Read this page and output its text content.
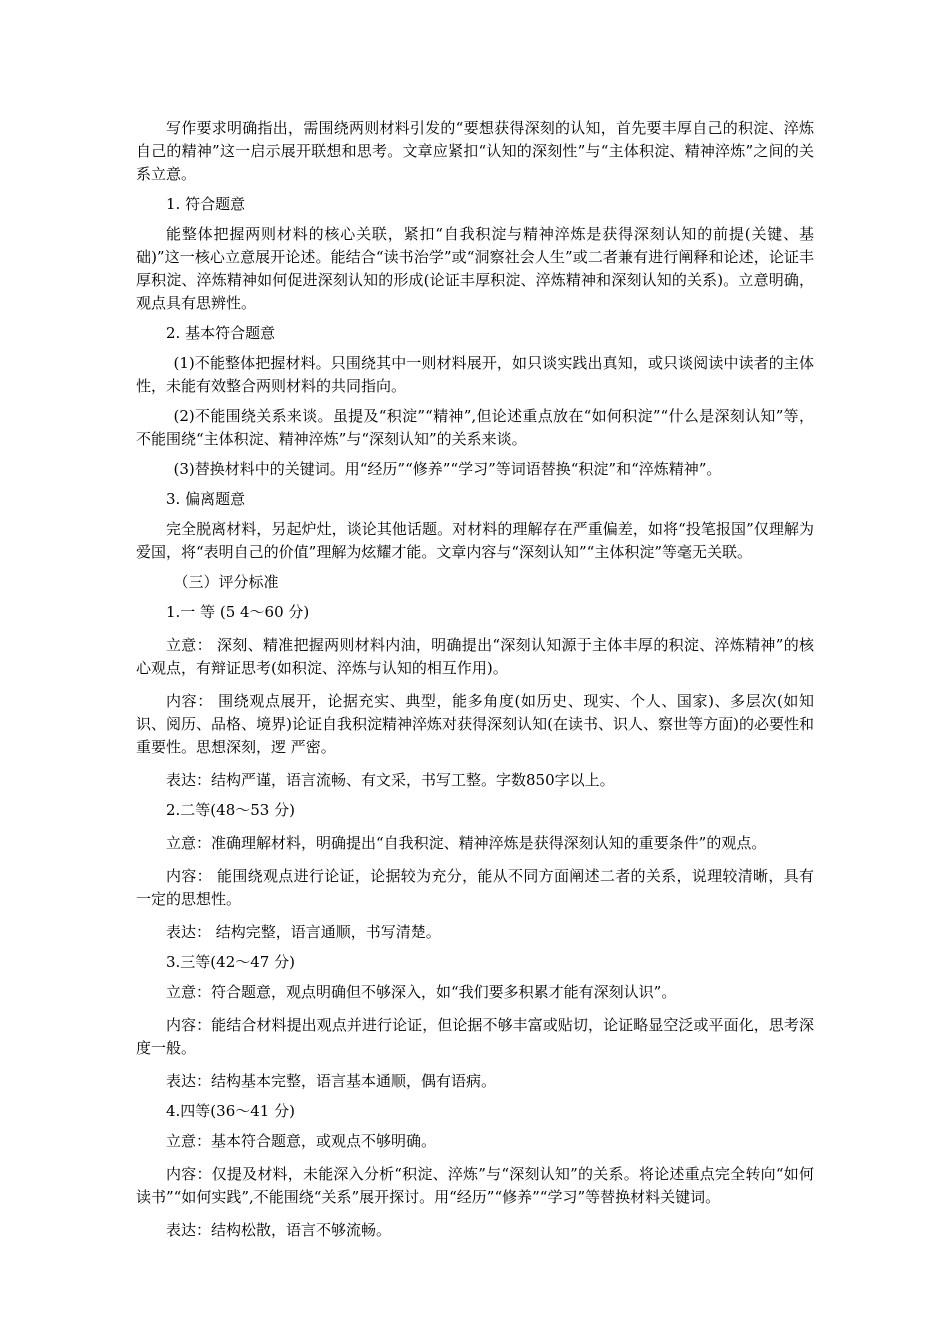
写作要求明确指出，需围绕两则材料引发的“要想获得深刻的认知，首先要丰厚自己的积淀、淬炼自己的精神”这一启示展开联想和思考。文章应紧扣“认知的深刻性”与“主体积淀、精神淬炼”之间的关系立意。

1. 符合题意

能整体把握两则材料的核心关联，紧扣“自我积淀与精神淬炼是获得深刻认知的前提(关键、基础)”这一核心立意展开论述。能结合“读书治学”或“洞察社会人生”或二者兼有进行阐释和论述，论证丰厚积淀、淬炼精神如何促进深刻认知的形成(论证丰厚积淀、淬炼精神和深刻认知的关系)。立意明确，观点具有思辨性。

2. 基本符合题意

(1)不能整体把握材料。只围绕其中一则材料展开，如只谈实践出真知，或只谈阅读中读者的主体性，未能有效整合两则材料的共同指向。

(2)不能围绕关系来谈。虽提及“积淀”“精神”,但论述重点放在“如何积淀”“什么是深刻认知”等，不能围绕“主体积淀、精神淬炼”与“深刻认知”的关系来谈。

(3)替换材料中的关键词。用“经历”“修养”“学习”等词语替换“积淀”和“淬炼精神”。

3. 偏离题意

完全脱离材料，另起炉灶，谈论其他话题。对材料的理解存在严重偏差，如将“投笔报国”仅理解为爱国，将“表明自己的价值”理解为炫耀才能。文章内容与“深刻认知”“主体积淀”等毫无关联。

（三）评分标准

1.一 等 (5 4～60 分)

立意： 深刻、精准把握两则材料内油，明确提出“深刻认知源于主体丰厚的积淀、淬炼精神”的核心观点，有辩证思考(如积淀、淬炼与认知的相互作用)。

内容： 围绕观点展开，论据充实、典型，能多角度(如历史、现实、个人、国家)、多层次(如知识、阅历、品格、境界)论证自我积淀精神淬炼对获得深刻认知(在读书、识人、察世等方面)的必要性和重要性。思想深刻，逻 严密。

表达：结构严谨，语言流畅、有文采，书写工整。字数850字以上。

2.二等(48～53 分)

立意：准确理解材料，明确提出“自我积淀、精神淬炼是获得深刻认知的重要条件”的观点。

内容： 能围绕观点进行论证，论据较为充分，能从不同方面阐述二者的关系，说理较清晰，具有一定的思想性。

表达： 结构完整，语言通顺，书写清楚。

3.三等(42～47 分)

立意：符合题意，观点明确但不够深入，如“我们要多积累才能有深刻认识”。

内容：能结合材料提出观点并进行论证，但论据不够丰富或贴切，论证略显空泛或平面化，思考深度一般。

表达：结构基本完整，语言基本通顺，偶有语病。

4.四等(36～41 分)

立意：基本符合题意，或观点不够明确。

内容：仅提及材料，未能深入分析“积淀、淬炼”与“深刻认知”的关系。将论述重点完全转向“如何读书”“如何实践”,不能围绕“关系”展开探讨。用“经历”“修养”“学习”等替换材料关键词。

表达：结构松散，语言不够流畅。
